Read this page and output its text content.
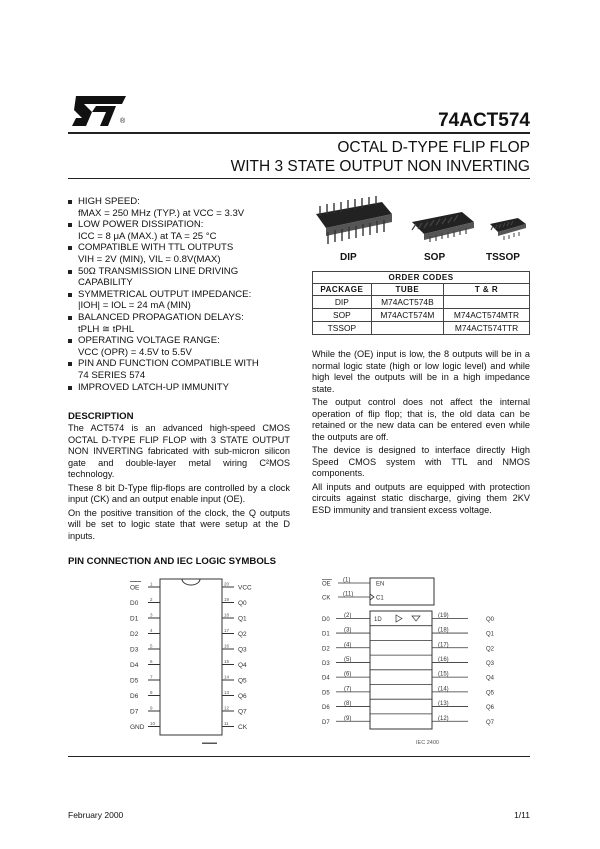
®	74ACT574
OCTAL D-TYPE FLIP FLOP
WITH 3 STATE OUTPUT NON INVERTING
HIGH SPEED:
fMAX = 250 MHz (TYP.) at VCC = 3.3V
LOW POWER DISSIPATION:
ICC = 8 μA (MAX.) at TA = 25 °C
COMPATIBLE WITH TTL OUTPUTS
VIH = 2V (MIN), VIL = 0.8V(MAX)
50Ω TRANSMISSION LINE DRIVING
CAPABILITY
SYMMETRICAL OUTPUT IMPEDANCE:
|IOH| = IOL = 24 mA (MIN)
BALANCED PROPAGATION DELAYS:
tPLH ≅ tPHL
OPERATING VOLTAGE RANGE:
VCC (OPR) = 4.5V to 5.5V
PIN AND FUNCTION COMPATIBLE WITH
74 SERIES 574
IMPROVED LATCH-UP IMMUNITY
DIP	SOP	TSSOP
ORDER CODES		
PACKAGE	TUBE	T & R
DIP	M74ACT574B	
SOP	M74ACT574M	M74ACT574MTR
TSSOP		M74ACT574TTR
DESCRIPTION

The ACT574 is an advanced high-speed CMOS OCTAL D-TYPE FLIP FLOP with 3 STATE OUTPUT NON INVERTING fabricated with sub-micron silicon gate and double-layer metal wiring C²MOS technology.

These 8 bit D-Type flip-flops are controlled by a clock input (CK) and an output enable input (OE).

On the positive transition of the clock, the Q outputs will be set to logic state that were setup at the D inputs.

While the (OE) input is low, the 8 outputs will be in a normal logic state (high or low logic level) and while high level the outputs will be in a high impedance state.

The output control does not affect the internal operation of flip flop; that is, the old data can be retained or the new data can be entered even while the outputs are off.

The device is designed to interface directly High Speed CMOS system with TTL and NMOS components.

All inputs and outputs are equipped with protection circuits against static discharge, giving them 2KV ESD immunity and transient excess voltage.

PIN CONNECTION AND IEC LOGIC SYMBOLS
OE
1
D0
2
D1
3
D2
4
D3
5
D4
6
D5
7
D6
8
D7
9
GND
10
VCC
20
Q0
19
Q1
18
Q2
17
Q3
16
Q4
15
Q5
14
Q6
13
Q7
12
CK
11
▬▬▬
OE
(1)
EN
CK
(11)
C1
D0
(2)	(19)
Q0
D1
(3)	(18)
Q1
D2
(4)	(17)
Q2
D3
(5)	(16)
Q3
D4
(6)	(15)
Q4
D5
(7)	(14)
Q5
D6
(8)	(13)
Q6
D7
(9)	(12)
Q7
1D
IEC 2400
February 2000	1/11
